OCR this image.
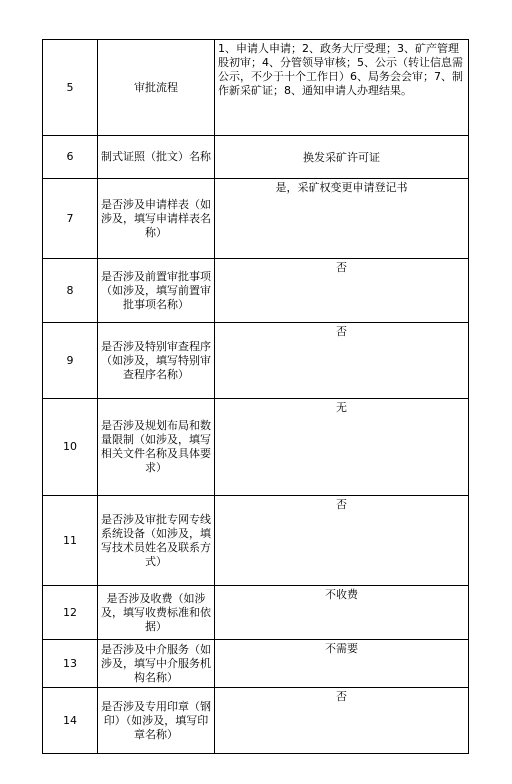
5	审批流程	1、申请人申请；2、政务大厅受理；3、矿产管理股初审；4、分管领导审核；5、公示（转让信息需公示，不少于十个工作日）6、局务会会审；7、制作新采矿证；8、通知申请人办理结果。
6	制式证照（批文）名称	换发采矿许可证
7	是否涉及申请样表（如涉及，填写申请样表名称）	是，采矿权变更申请登记书
8	是否涉及前置审批事项（如涉及，填写前置审批事项名称）	否
9	是否涉及特别审查程序（如涉及，填写特别审查程序名称）	否
10	是否涉及规划布局和数量限制（如涉及，填写相关文件名称及具体要求）	无
11	是否涉及审批专网专线系统设备（如涉及，填写技术员姓名及联系方式）	否
12	是否涉及收费（如涉及，填写收费标准和依据）	不收费
13	是否涉及中介服务（如涉及，填写中介服务机构名称）	不需要
14	是否涉及专用印章（钢印）（如涉及，填写印章名称）	否
